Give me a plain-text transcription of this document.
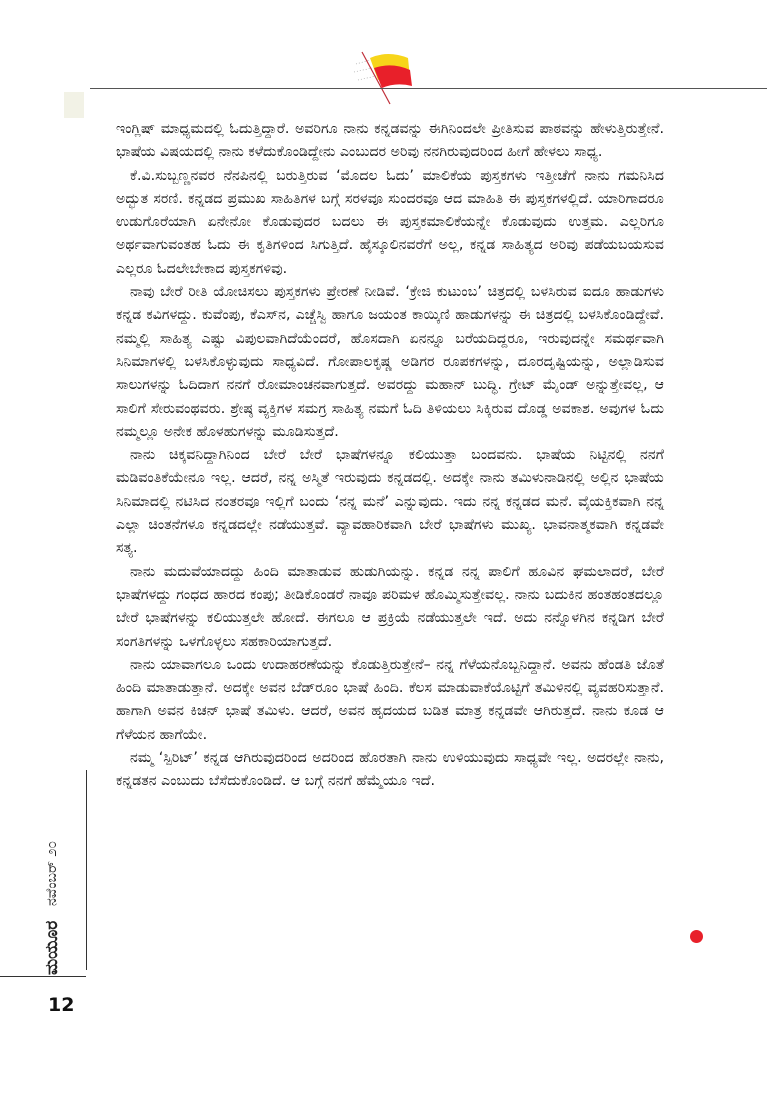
ಇಂಗ್ಲಿಷ್ ಮಾಧ್ಯಮದಲ್ಲಿ ಓದುತ್ತಿದ್ದಾರೆ. ಅವರಿಗೂ ನಾನು ಕನ್ನಡವನ್ನು ಈಗಿನಿಂದಲೇ ಪ್ರೀತಿಸುವ ಪಾಠವನ್ನು ಹೇಳುತ್ತಿರುತ್ತೇನೆ. ಭಾಷೆಯ ವಿಷಯದಲ್ಲಿ ನಾನು ಕಳೆದುಕೊಂಡಿದ್ದೇನು ಎಂಬುದರ ಅರಿವು ನನಗಿರುವುದರಿಂದ ಹೀಗೆ ಹೇಳಲು ಸಾಧ್ಯ.

ಕೆ.ವಿ.ಸುಬ್ಬಣ್ಣನವರ ನೆನಪಿನಲ್ಲಿ ಬರುತ್ತಿರುವ ‘ಮೊದಲ ಓದು’ ಮಾಲಿಕೆಯ ಪುಸ್ತಕಗಳು ಇತ್ತೀಚೆಗೆ ನಾನು ಗಮನಿಸಿದ ಅದ್ಭುತ ಸರಣಿ. ಕನ್ನಡದ ಪ್ರಮುಖ ಸಾಹಿತಿಗಳ ಬಗ್ಗೆ ಸರಳವೂ ಸುಂದರವೂ ಆದ ಮಾಹಿತಿ ಈ ಪುಸ್ತಕಗಳಲ್ಲಿದೆ. ಯಾರಿಗಾದರೂ ಉಡುಗೊರೆಯಾಗಿ ಏನೇನೋ ಕೊಡುವುದರ ಬದಲು ಈ ಪುಸ್ತಕಮಾಲಿಕೆಯನ್ನೇ ಕೊಡುವುದು ಉತ್ತಮ. ಎಲ್ಲರಿಗೂ ಅರ್ಥವಾಗುವಂತಹ ಓದು ಈ ಕೃತಿಗಳಿಂದ ಸಿಗುತ್ತಿದೆ. ಹೈಸ್ಕೂಲಿನವರೆಗೆ ಅಲ್ಲ, ಕನ್ನಡ ಸಾಹಿತ್ಯದ ಅರಿವು ಪಡೆಯಬಯಸುವ ಎಲ್ಲರೂ ಓದಲೇಬೇಕಾದ ಪುಸ್ತಕಗಳಿವು.

ನಾವು ಬೇರೆ ರೀತಿ ಯೋಚಿಸಲು ಪುಸ್ತಕಗಳು ಪ್ರೇರಣೆ ನೀಡಿವೆ. ‘ಕ್ರೇಜಿ ಕುಟುಂಬ’ ಚಿತ್ರದಲ್ಲಿ ಬಳಸಿರುವ ಐದೂ ಹಾಡುಗಳು ಕನ್ನಡ ಕವಿಗಳದ್ದು. ಕುವೆಂಪು, ಕೆಎಸ್‌ನ, ಎಚ್ಚೆಸ್ವಿ ಹಾಗೂ ಜಯಂತ ಕಾಯ್ಕಿಣಿ ಹಾಡುಗಳನ್ನು ಈ ಚಿತ್ರದಲ್ಲಿ ಬಳಸಿಕೊಂಡಿದ್ದೇವೆ. ನಮ್ಮಲ್ಲಿ ಸಾಹಿತ್ಯ ಎಷ್ಟು ವಿಪುಲವಾಗಿದೆಯೆಂದರೆ, ಹೊಸದಾಗಿ ಏನನ್ನೂ ಬರೆಯದಿದ್ದರೂ, ಇರುವುದನ್ನೇ ಸಮರ್ಥವಾಗಿ ಸಿನಿಮಾಗಳಲ್ಲಿ ಬಳಸಿಕೊಳ್ಳುವುದು ಸಾಧ್ಯವಿದೆ. ಗೋಪಾಲಕೃಷ್ಣ ಅಡಿಗರ ರೂಪಕಗಳನ್ನು, ದೂರದೃಷ್ಟಿಯನ್ನು, ಅಲ್ಲಾಡಿಸುವ ಸಾಲುಗಳನ್ನು ಓದಿದಾಗ ನನಗೆ ರೋಮಾಂಚನವಾಗುತ್ತದೆ. ಅವರದ್ದು ಮಹಾನ್ ಬುದ್ಧಿ. ಗ್ರೇಟ್ ಮೈಂಡ್ ಅನ್ನುತ್ತೇವಲ್ಲ, ಆ ಸಾಲಿಗೆ ಸೇರುವಂಥವರು. ಶ್ರೇಷ್ಠ ವ್ಯಕ್ತಿಗಳ ಸಮಗ್ರ ಸಾಹಿತ್ಯ ನಮಗೆ ಓದಿ ತಿಳಿಯಲು ಸಿಕ್ಕಿರುವ ದೊಡ್ಡ ಅವಕಾಶ. ಅವುಗಳ ಓದು ನಮ್ಮಲ್ಲೂ ಅನೇಕ ಹೊಳಹುಗಳನ್ನು ಮೂಡಿಸುತ್ತದೆ.

ನಾನು ಚಿಕ್ಕವನಿದ್ದಾಗಿನಿಂದ ಬೇರೆ ಬೇರೆ ಭಾಷೆಗಳನ್ನೂ ಕಲಿಯುತ್ತಾ ಬಂದವನು. ಭಾಷೆಯ ನಿಟ್ಟಿನಲ್ಲಿ ನನಗೆ ಮಡಿವಂತಿಕೆಯೇನೂ ಇಲ್ಲ. ಆದರೆ, ನನ್ನ ಅಸ್ಮಿತೆ ಇರುವುದು ಕನ್ನಡದಲ್ಲಿ. ಅದಕ್ಕೇ ನಾನು ತಮಿಳುನಾಡಿನಲ್ಲಿ ಅಲ್ಲಿನ ಭಾಷೆಯ ಸಿನಿಮಾದಲ್ಲಿ ನಟಿಸಿದ ನಂತರವೂ ಇಲ್ಲಿಗೆ ಬಂದು ‘ನನ್ನ ಮನೆ’ ಎನ್ನುವುದು. ಇದು ನನ್ನ ಕನ್ನಡದ ಮನೆ. ವೈಯಕ್ತಿಕವಾಗಿ ನನ್ನ ಎಲ್ಲಾ ಚಿಂತನೆಗಳೂ ಕನ್ನಡದಲ್ಲೇ ನಡೆಯುತ್ತವೆ. ವ್ಯಾವಹಾರಿಕವಾಗಿ ಬೇರೆ ಭಾಷೆಗಳು ಮುಖ್ಯ. ಭಾವನಾತ್ಮಕವಾಗಿ ಕನ್ನಡವೇ ಸತ್ಯ.

ನಾನು ಮದುವೆಯಾದದ್ದು ಹಿಂದಿ ಮಾತಾಡುವ ಹುಡುಗಿಯನ್ನು. ಕನ್ನಡ ನನ್ನ ಪಾಲಿಗೆ ಹೂವಿನ ಘಮಲಾದರೆ, ಬೇರೆ ಭಾಷೆಗಳದ್ದು ಗಂಧದ ಹಾರದ ಕಂಪು; ತೀಡಿಕೊಂಡರೆ ನಾವೂ ಪರಿಮಳ ಹೊಮ್ಮಿಸುತ್ತೇವಲ್ಲ. ನಾನು ಬದುಕಿನ ಹಂತಹಂತದಲ್ಲೂ ಬೇರೆ ಭಾಷೆಗಳನ್ನು ಕಲಿಯುತ್ತಲೇ ಹೋದೆ. ಈಗಲೂ ಆ ಪ್ರಕ್ರಿಯೆ ನಡೆಯುತ್ತಲೇ ಇದೆ. ಅದು ನನ್ನೊಳಗಿನ ಕನ್ನಡಿಗ ಬೇರೆ ಸಂಗತಿಗಳನ್ನು ಒಳಗೊಳ್ಳಲು ಸಹಕಾರಿಯಾಗುತ್ತದೆ.

ನಾನು ಯಾವಾಗಲೂ ಒಂದು ಉದಾಹರಣೆಯನ್ನು ಕೊಡುತ್ತಿರುತ್ತೇನೆ– ನನ್ನ ಗೆಳೆಯನೊಬ್ಬನಿದ್ದಾನೆ. ಅವನು ಹೆಂಡತಿ ಜೊತೆ ಹಿಂದಿ ಮಾತಾಡುತ್ತಾನೆ. ಅದಕ್ಕೇ ಅವನ ಬೆಡ್‌ರೂಂ ಭಾಷೆ ಹಿಂದಿ. ಕೆಲಸ ಮಾಡುವಾಕೆಯೊಟ್ಟಿಗೆ ತಮಿಳಿನಲ್ಲಿ ವ್ಯವಹರಿಸುತ್ತಾನೆ. ಹಾಗಾಗಿ ಅವನ ಕಿಚನ್ ಭಾಷೆ ತಮಿಳು. ಆದರೆ, ಅವನ ಹೃದಯದ ಬಡಿತ ಮಾತ್ರ ಕನ್ನಡವೇ ಆಗಿರುತ್ತದೆ. ನಾನು ಕೂಡ ಆ ಗೆಳೆಯನ ಹಾಗೆಯೇ.

ನಮ್ಮ ‘ಸ್ಪಿರಿಟ್’ ಕನ್ನಡ ಆಗಿರುವುದರಿಂದ ಅದರಿಂದ ಹೊರತಾಗಿ ನಾನು ಉಳಿಯುವುದು ಸಾಧ್ಯವೇ ಇಲ್ಲ. ಅದರಲ್ಲೇ ನಾನು, ಕನ್ನಡತನ ಎಂಬುದು ಬೆಸೆದುಕೊಂಡಿದೆ. ಆ ಬಗ್ಗೆ ನನಗೆ ಹೆಮ್ಮೆಯೂ ಇದೆ.

ಮಯೂರ ನವೆಂಬರ್ ೨೦
12
